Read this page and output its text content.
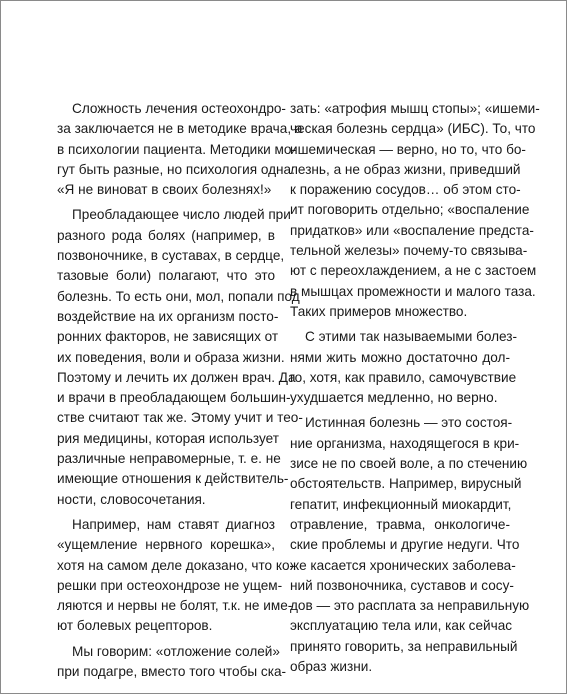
Сложность лечения остеохондро-
за заключается не в методике врача, а
в психологии пациента. Методики мо-
гут быть разные, но психология одна:
«Я не виноват в своих болезнях!»
Преобладающее число людей при
разного рода болях (например, в
позвоночнике, в суставах, в сердце,
тазовые боли) полагают, что это
болезнь. То есть они, мол, попали под
воздействие на их организм посто-
ронних факторов, не зависящих от
их поведения, воли и образа жизни.
Поэтому и лечить их должен врач. Да
и врачи в преобладающем большин-
стве считают так же. Этому учит и тео-
рия медицины, которая использует
различные неправомерные, т. е. не
имеющие отношения к действитель-
ности, словосочетания.
Например, нам ставят диагноз
«ущемление нервного корешка»,
хотя на самом деле доказано, что ко-
решки при остеохондрозе не ущем-
ляются и нервы не болят, т.к. не име-
ют болевых рецепторов.
Мы говорим: «отложение солей»
при подагре, вместо того чтобы ска-
зать: «атрофия мышц стопы»; «ишеми-
ческая болезнь сердца» (ИБС). То, что
ишемическая — верно, но то, что бо-
лезнь, а не образ жизни, приведший
к поражению сосудов… об этом сто-
ит поговорить отдельно; «воспаление
придатков» или «воспаление предста-
тельной железы» почему-то связыва-
ют с переохлаждением, а не с застоем
в мышцах промежности и малого таза.
Таких примеров множество.
С этими так называемыми болез-
нями жить можно достаточно дол-
го, хотя, как правило, самочувствие
ухудшается медленно, но верно.
Истинная болезнь — это состоя-
ние организма, находящегося в кри-
зисе не по своей воле, а по стечению
обстоятельств. Например, вирусный
гепатит, инфекционный миокардит,
отравление, травма, онкологиче-
ские проблемы и другие недуги. Что
же касается хронических заболева-
ний позвоночника, суставов и сосу-
дов — это расплата за неправильную
эксплуатацию тела или, как сейчас
принято говорить, за неправильный
образ жизни.
